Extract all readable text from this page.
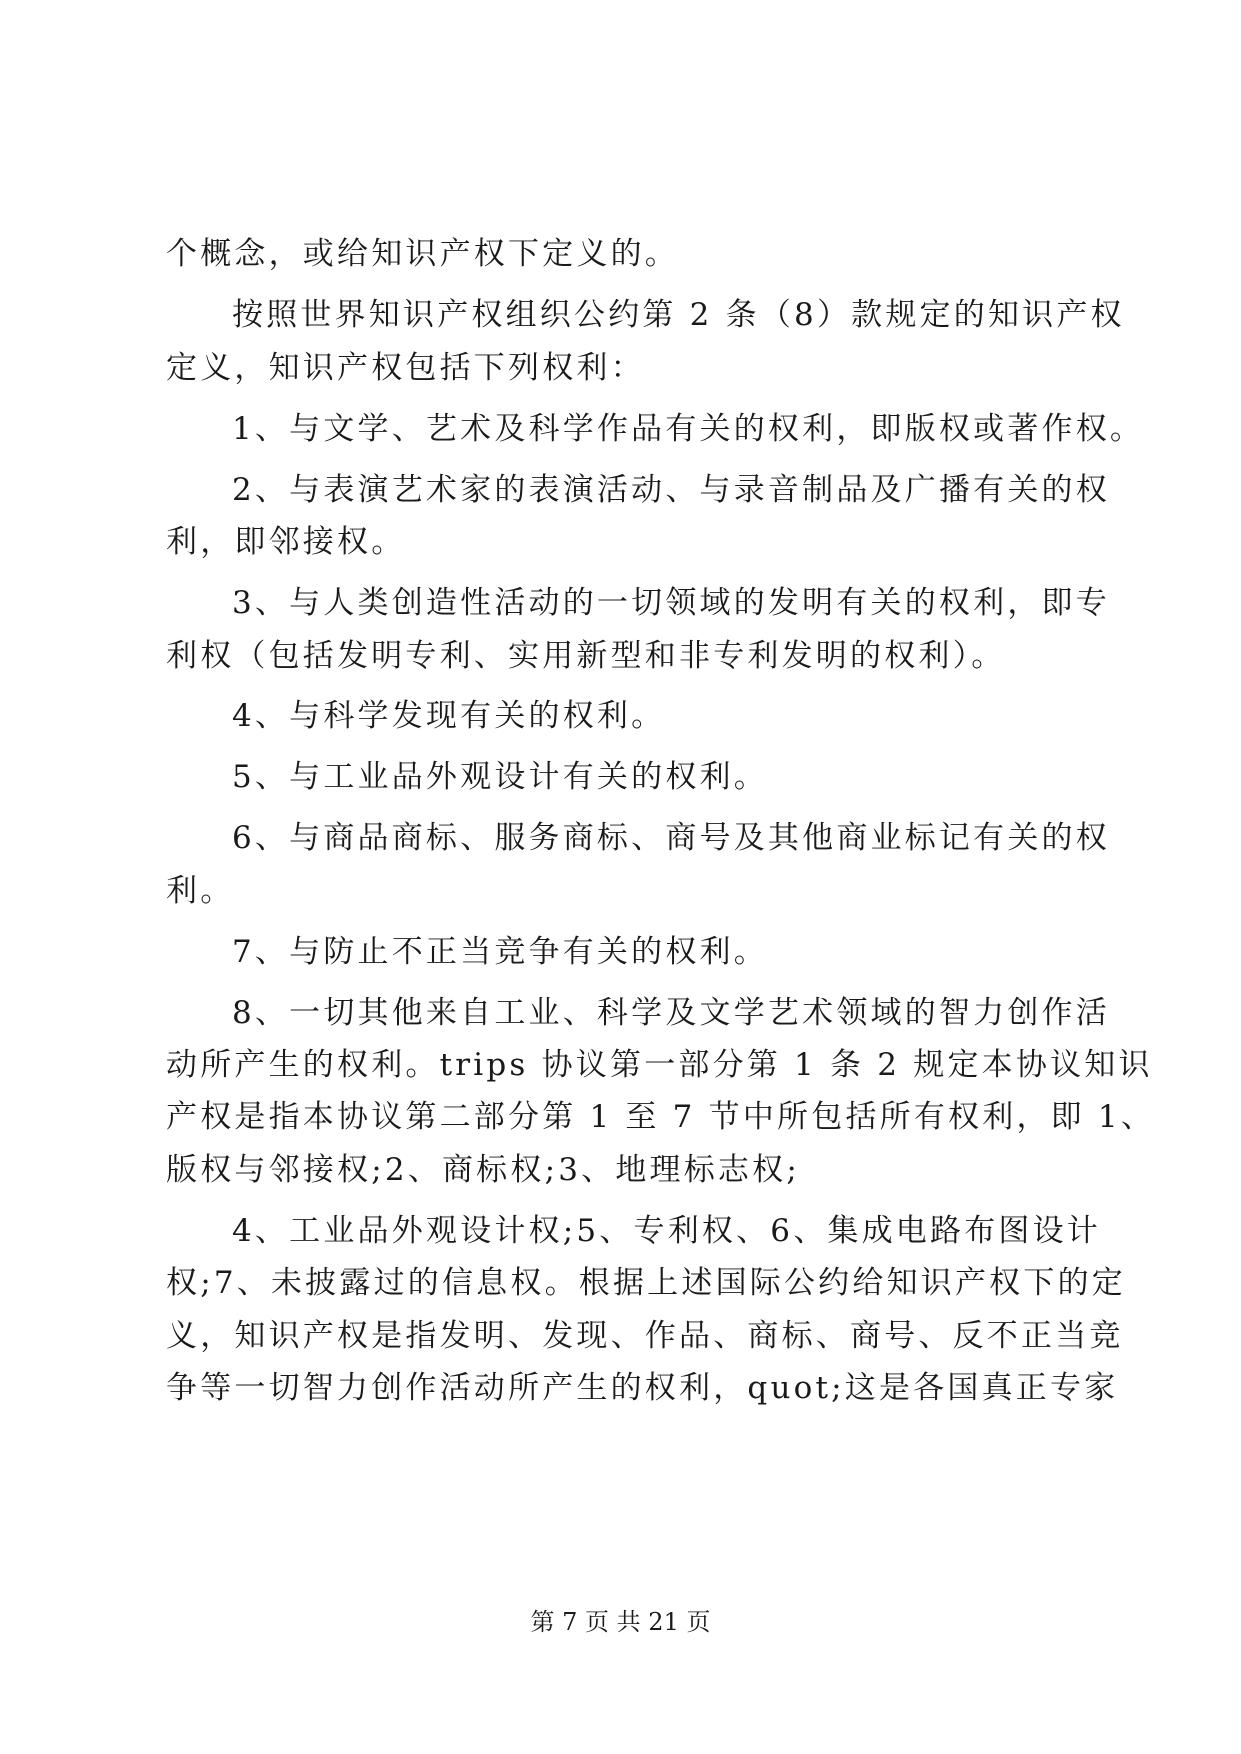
个概念，或给知识产权下定义的。
按照世界知识产权组织公约第 2 条（8）款规定的知识产权
定义，知识产权包括下列权利：
1、与文学、艺术及科学作品有关的权利，即版权或著作权。
2、与表演艺术家的表演活动、与录音制品及广播有关的权
利，即邻接权。
3、与人类创造性活动的一切领域的发明有关的权利，即专
利权（包括发明专利、实用新型和非专利发明的权利）。
4、与科学发现有关的权利。
5、与工业品外观设计有关的权利。
6、与商品商标、服务商标、商号及其他商业标记有关的权
利。
7、与防止不正当竞争有关的权利。
8、一切其他来自工业、科学及文学艺术领域的智力创作活
动所产生的权利。trips 协议第一部分第 1 条 2 规定本协议知识
产权是指本协议第二部分第 1 至 7 节中所包括所有权利，即 1、
版权与邻接权;2、商标权;3、地理标志权;
4、工业品外观设计权;5、专利权、6、集成电路布图设计
权;7、未披露过的信息权。根据上述国际公约给知识产权下的定
义，知识产权是指发明、发现、作品、商标、商号、反不正当竞
争等一切智力创作活动所产生的权利，quot;这是各国真正专家
第 7 页 共 21 页
